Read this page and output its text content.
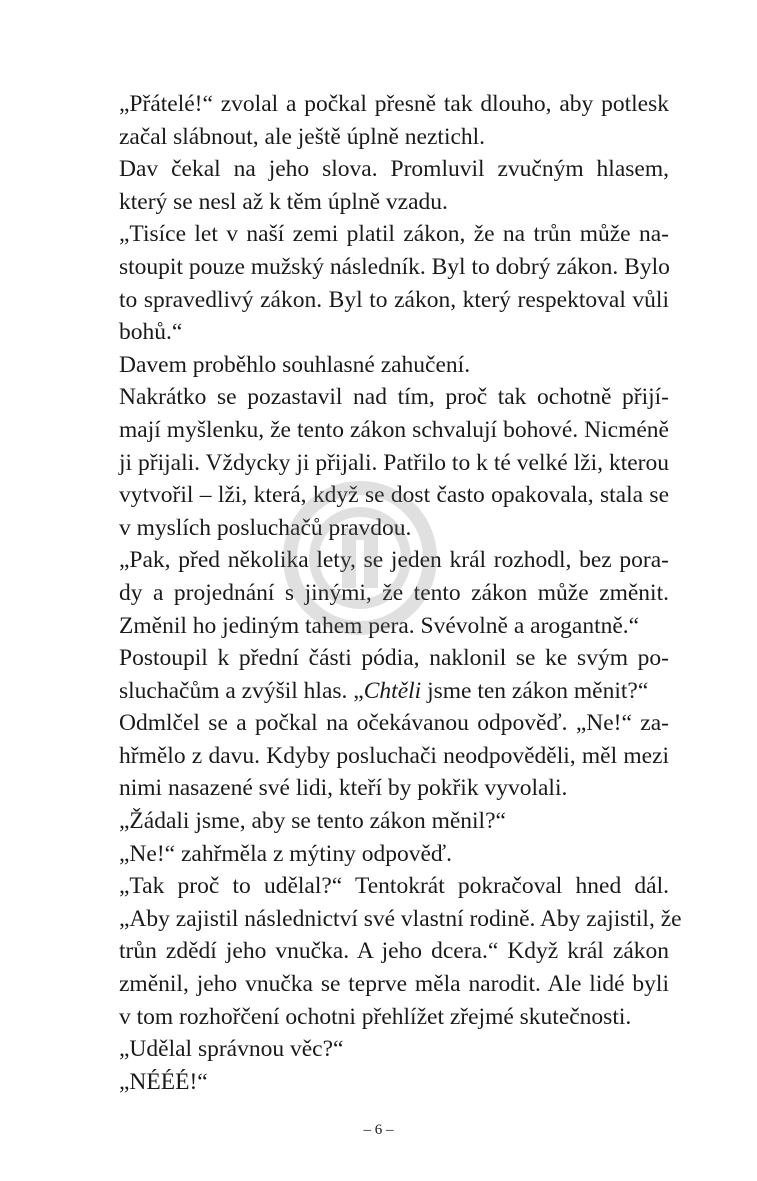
„Přátelé!“ zvolal a počkal přesně tak dlouho, aby potlesk
začal slábnout, ale ještě úplně neztichl.
Dav čekal na jeho slova. Promluvil zvučným hlasem,
který se nesl až k těm úplně vzadu.
„Tisíce let v naší zemi platil zákon, že na trůn může na-
stoupit pouze mužský následník. Byl to dobrý zákon. Bylo
to spravedlivý zákon. Byl to zákon, který respektoval vůli
bohů.“
Davem proběhlo souhlasné zahučení.
Nakrátko se pozastavil nad tím, proč tak ochotně přijí-
mají myšlenku, že tento zákon schvalují bohové. Nicméně
ji přijali. Vždycky ji přijali. Patřilo to k té velké lži, kterou
vytvořil – lži, která, když se dost často opakovala, stala se
v myslích posluchačů pravdou.
„Pak, před několika lety, se jeden král rozhodl, bez pora-
dy a projednání s jinými, že tento zákon může změnit.
Změnil ho jediným tahem pera. Svévolně a arogantně.“
Postoupil k přední části pódia, naklonil se ke svým po-
sluchačům a zvýšil hlas. „Chtěli jsme ten zákon měnit?“
Odmlčel se a počkal na očekávanou odpověď. „Ne!“ za-
hřmělo z davu. Kdyby posluchači neodpověděli, měl mezi
nimi nasazené své lidi, kteří by pokřik vyvolali.
„Žádali jsme, aby se tento zákon měnil?“
„Ne!“ zahřměla z mýtiny odpověď.
„Tak proč to udělal?“ Tentokrát pokračoval hned dál.
„Aby zajistil následnictví své vlastní rodině. Aby zajistil, že
trůn zdědí jeho vnučka. A jeho dcera.“ Když král zákon
změnil, jeho vnučka se teprve měla narodit. Ale lidé byli
v tom rozhořčení ochotni přehlížet zřejmé skutečnosti.
„Udělal správnou věc?“
„NÉÉÉ!“
– 6 –
